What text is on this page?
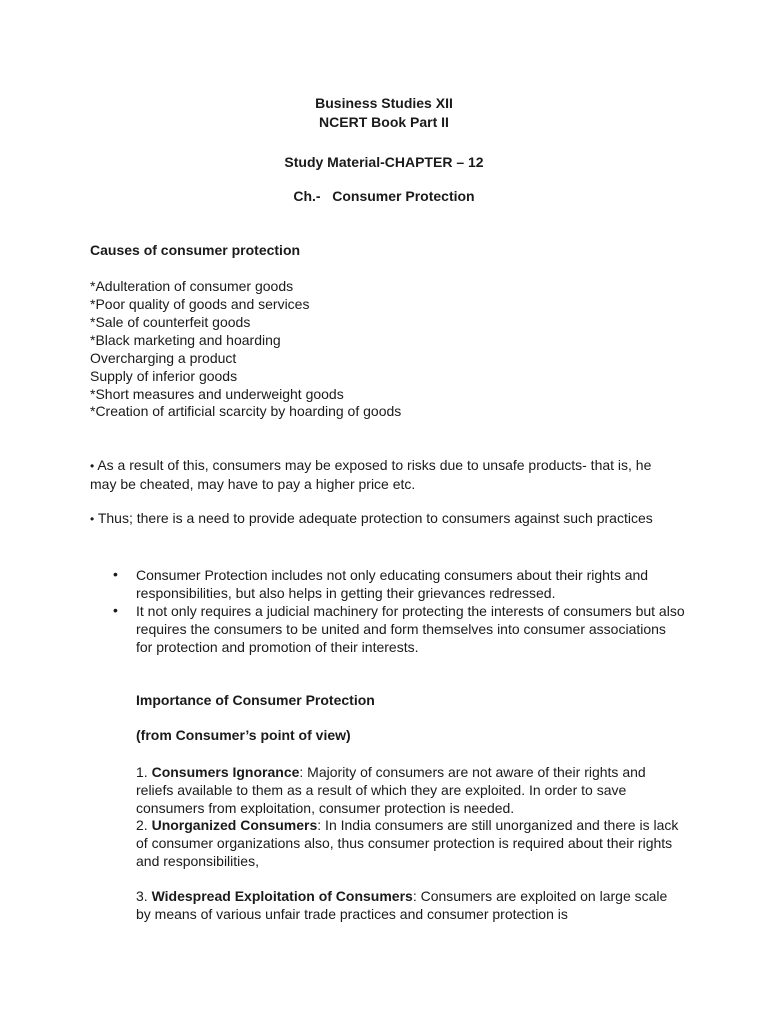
Business Studies XII
NCERT Book Part II
Study Material-CHAPTER – 12
Ch.-   Consumer Protection
Causes of consumer protection
*Adulteration of consumer goods
*Poor quality of goods and services
*Sale of counterfeit goods
*Black marketing and hoarding
Overcharging a product
Supply of inferior goods
*Short measures and underweight goods
*Creation of artificial scarcity by hoarding of goods
• As a result of this, consumers may be exposed to risks due to unsafe products- that is, he may be cheated, may have to pay a higher price etc.
• Thus; there is a need to provide adequate protection to consumers against such practices
•	Consumer Protection includes not only educating consumers about their rights and responsibilities, but also helps in getting their grievances redressed.
•	It not only requires a judicial machinery for protecting the interests of consumers but also requires the consumers to be united and form themselves into consumer associations for protection and promotion of their interests.
Importance of Consumer Protection
(from Consumer’s point of view)
1. Consumers Ignorance: Majority of consumers are not aware of their rights and reliefs available to them as a result of which they are exploited. In order to save consumers from exploitation, consumer protection is needed.
2. Unorganized Consumers: In India consumers are still unorganized and there is lack of consumer organizations also, thus consumer protection is required about their rights and responsibilities,
3. Widespread Exploitation of Consumers: Consumers are exploited on large scale by means of various unfair trade practices and consumer protection is
